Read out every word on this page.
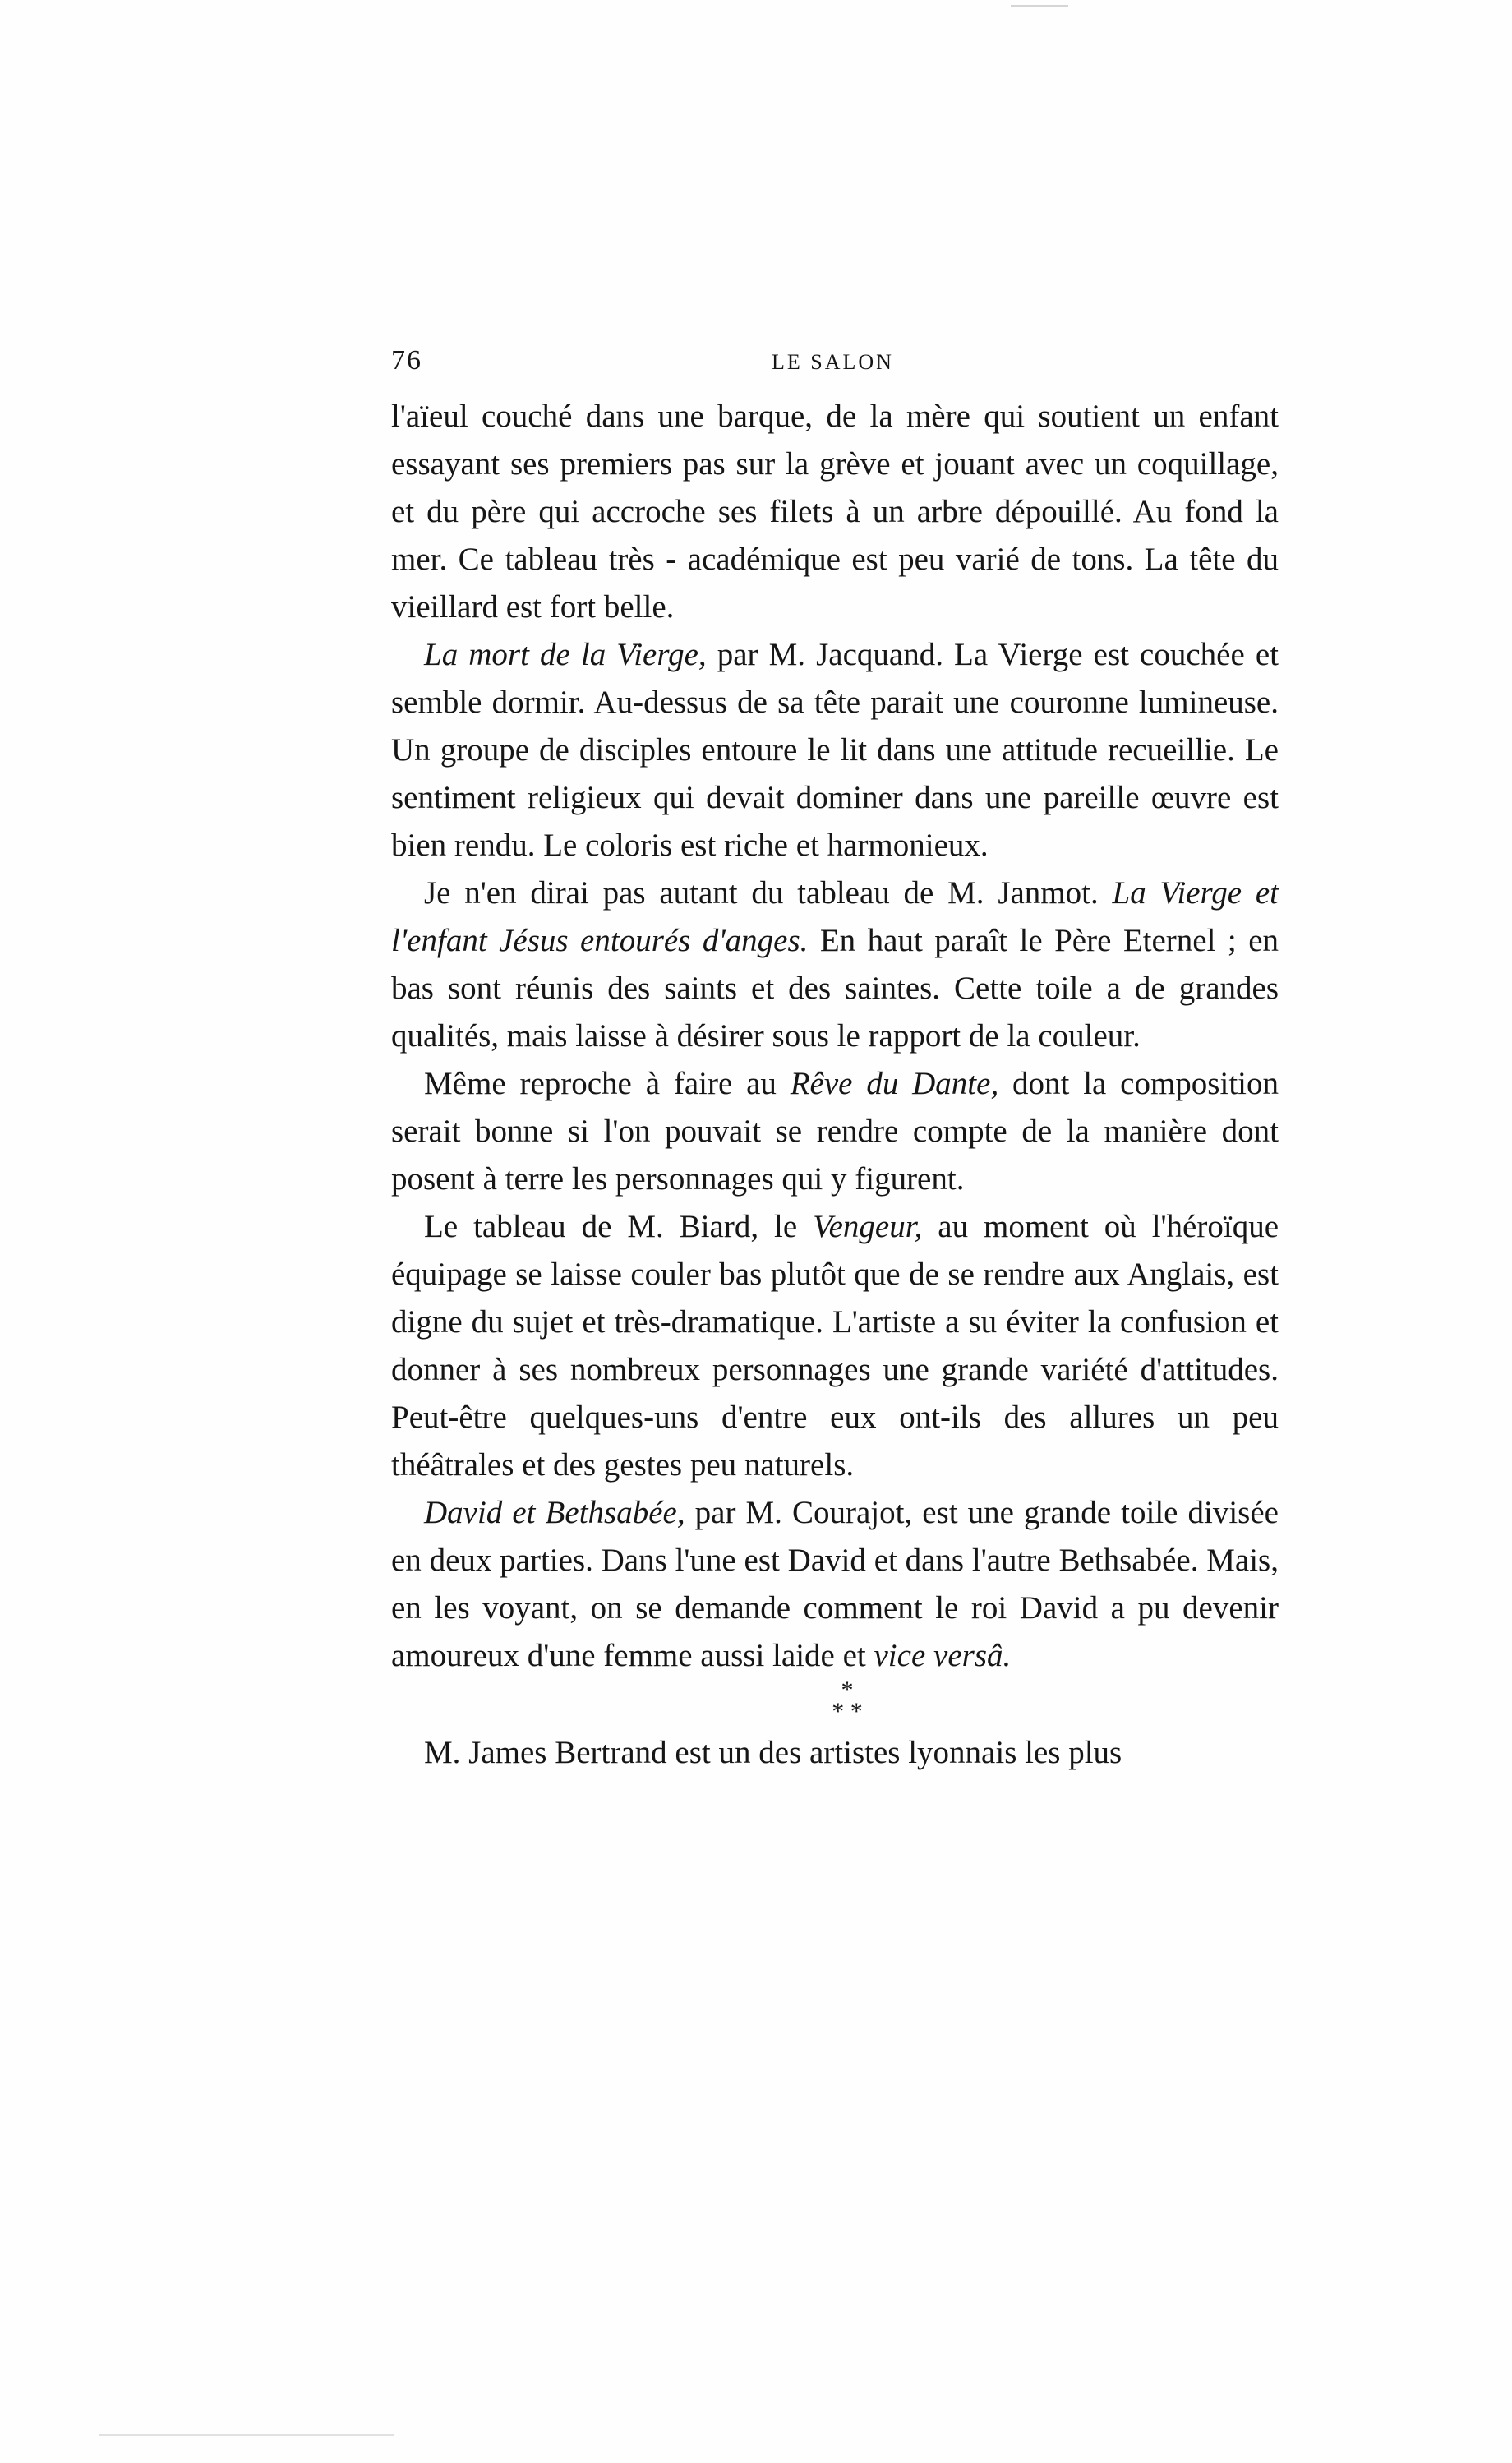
76	LE SALON

l'aïeul couché dans une barque, de la mère qui soutient un enfant essayant ses premiers pas sur la grève et jouant avec un coquillage, et du père qui accroche ses filets à un arbre dépouillé. Au fond la mer. Ce tableau très - académique est peu varié de tons. La tête du vieillard est fort belle.

La mort de la Vierge, par M. Jacquand. La Vierge est couchée et semble dormir. Au-dessus de sa tête parait une couronne lumineuse. Un groupe de disciples entoure le lit dans une attitude recueillie. Le sentiment religieux qui devait dominer dans une pareille œuvre est bien rendu. Le coloris est riche et harmonieux.

Je n'en dirai pas autant du tableau de M. Janmot. La Vierge et l'enfant Jésus entourés d'anges. En haut paraît le Père Eternel ; en bas sont réunis des saints et des saintes. Cette toile a de grandes qualités, mais laisse à désirer sous le rapport de la couleur.

Même reproche à faire au Rêve du Dante, dont la composition serait bonne si l'on pouvait se rendre compte de la manière dont posent à terre les personnages qui y figurent.

Le tableau de M. Biard, le Vengeur, au moment où l'héroïque équipage se laisse couler bas plutôt que de se rendre aux Anglais, est digne du sujet et très-dramatique. L'artiste a su éviter la confusion et donner à ses nombreux personnages une grande variété d'attitudes. Peut-être quelques-uns d'entre eux ont-ils des allures un peu théâtrales et des gestes peu naturels.

David et Bethsabée, par M. Courajot, est une grande toile divisée en deux parties. Dans l'une est David et dans l'autre Bethsabée. Mais, en les voyant, on se demande comment le roi David a pu devenir amoureux d'une femme aussi laide et vice versâ.

*
* *

M. James Bertrand est un des artistes lyonnais les plus
